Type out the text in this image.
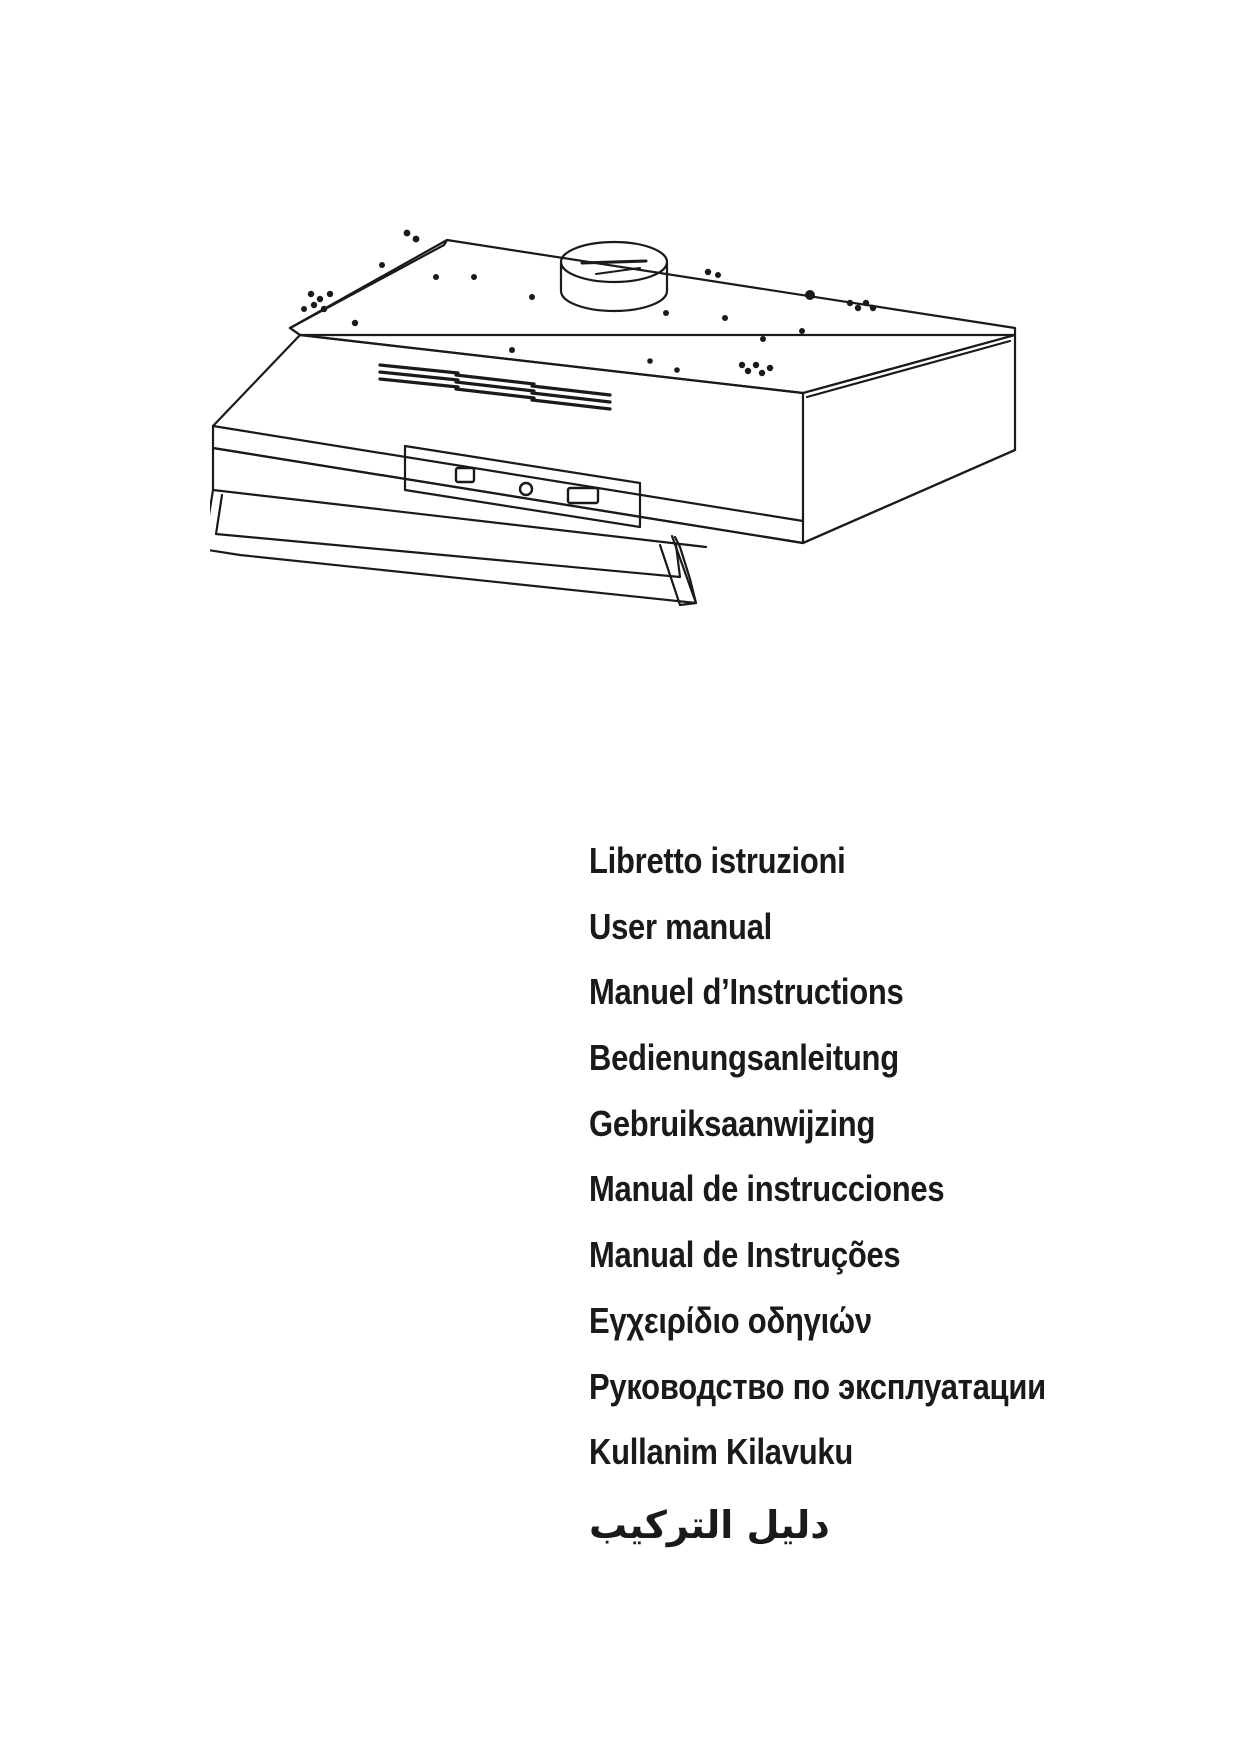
Libretto istruzioni
User manual
Manuel d’Instructions
Bedienungsanleitung
Gebruiksaanwijzing
Manual de instrucciones
Manual de Instruções
Εγχειρίδιο οδηγιών
Руководство по эксплуатации
Kullanim Kilavuku
دليل التركيب
